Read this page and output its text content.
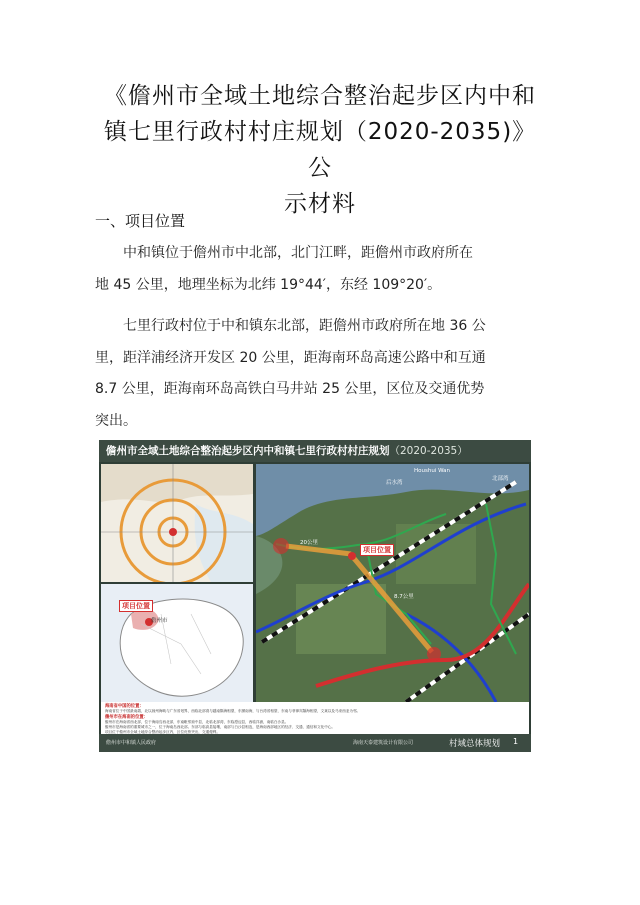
《儋州市全域土地综合整治起步区内中和
镇七里行政村村庄规划（2020-2035)》公
示材料
一、项目位置
中和镇位于儋州市中北部，北门江畔，距儋州市政府所在
地 45 公里，地理坐标为北纬 19°44′，东经 109°20′。
七里行政村位于中和镇东北部，距儋州市政府所在地 36 公
里，距洋浦经济开发区 20 公里，距海南环岛高速公路中和互通
8.7 公里，距海南环岛高铁白马井站 25 公里，区位及交通优势
突出。
儋州市全域土地综合整治起步区内中和镇七里行政村村庄规划（2020-2035）
项目位置
儋州市
项目位置
Houshui Wan
后水湾
北部湾
20公里
8.7公里
海南省中国的位置：
海南省位于中国最南端，北以琼州海峡与广东省划界，西临北部湾与越南隔海相望，东濒南海，与台湾省相望，东南与菲律宾隔海相望，文莱以及马来西亚为邻。
儋州市在海南的位置：
儋州市在海南省西北部，位于海南岛西北部，东南毗邻琼中县，北临北部湾，东临澄迈县，西临洋浦，南临白沙县。
儋州市是海南省的重要城市之一，位于海南岛西北部。东部与临高县接壤，南部与白沙县相连，是海南西部地区的经济、交通、通信和文化中心。
项目位于儋州市全域土地综合整治起步区内，区位优势突出，交通便利。
儋州市中和镇人民政府	海南天泰建筑设计有限公司	村域总体规划 1
